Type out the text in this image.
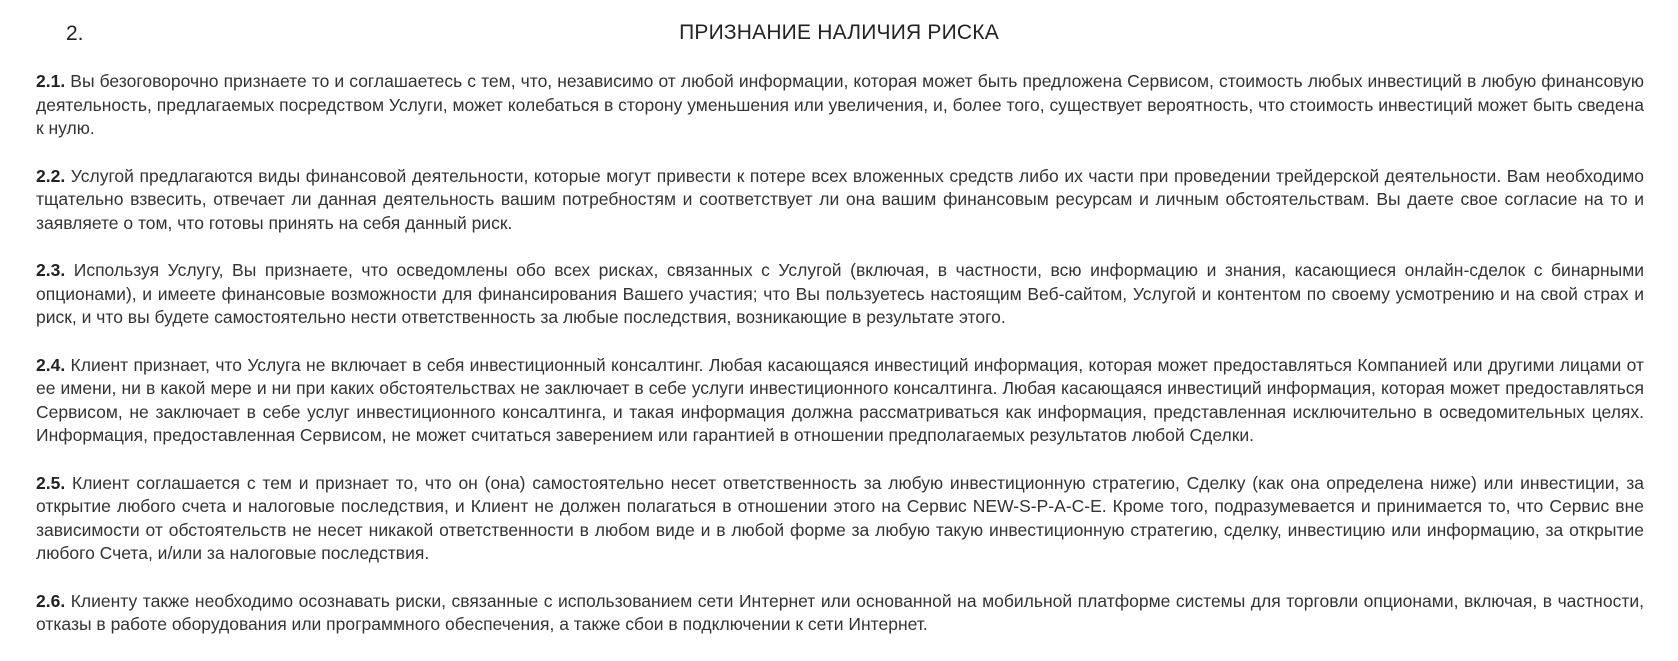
2.	ПРИЗНАНИЕ НАЛИЧИЯ РИСКА

2.1. Вы безоговорочно признаете то и соглашаетесь с тем, что, независимо от любой информации, которая может быть предложена Сервисом, стоимость любых инвестиций в любую финансовую деятельность, предлагаемых посредством Услуги, может колебаться в сторону уменьшения или увеличения, и, более того, существует вероятность, что стоимость инвестиций может быть сведена к нулю.

2.2. Услугой предлагаются виды финансовой деятельности, которые могут привести к потере всех вложенных средств либо их части при проведении трейдерской деятельности. Вам необходимо тщательно взвесить, отвечает ли данная деятельность вашим потребностям и соответствует ли она вашим финансовым ресурсам и личным обстоятельствам. Вы даете свое согласие на то и заявляете о том, что готовы принять на себя данный риск.

2.3. Используя Услугу, Вы признаете, что осведомлены обо всех рисках, связанных с Услугой (включая, в частности, всю информацию и знания, касающиеся онлайн-сделок с бинарными опционами), и имеете финансовые возможности для финансирования Вашего участия; что Вы пользуетесь настоящим Веб-сайтом, Услугой и контентом по своему усмотрению и на свой страх и риск, и что вы будете самостоятельно нести ответственность за любые последствия, возникающие в результате этого.

2.4. Клиент признает, что Услуга не включает в себя инвестиционный консалтинг. Любая касающаяся инвестиций информация, которая может предоставляться Компанией или другими лицами от ее имени, ни в какой мере и ни при каких обстоятельствах не заключает в себе услуги инвестиционного консалтинга. Любая касающаяся инвестиций информация, которая может предоставляться Сервисом, не заключает в себе услуг инвестиционного консалтинга, и такая информация должна рассматриваться как информация, представленная исключительно в осведомительных целях. Информация, предоставленная Сервисом, не может считаться заверением или гарантией в отношении предполагаемых результатов любой Сделки.

2.5. Клиент соглашается с тем и признает то, что он (она) самостоятельно несет ответственность за любую инвестиционную стратегию, Сделку (как она определена ниже) или инвестиции, за открытие любого счета и налоговые последствия, и Клиент не должен полагаться в отношении этого на Сервис NEW-S-P-A-C-E. Кроме того, подразумевается и принимается то, что Сервис вне зависимости от обстоятельств не несет никакой ответственности в любом виде и в любой форме за любую такую инвестиционную стратегию, сделку, инвестицию или информацию, за открытие любого Счета, и/или за налоговые последствия.

2.6. Клиенту также необходимо осознавать риски, связанные с использованием сети Интернет или основанной на мобильной платформе системы для торговли опционами, включая, в частности, отказы в работе оборудования или программного обеспечения, а также сбои в подключении к сети Интернет.
